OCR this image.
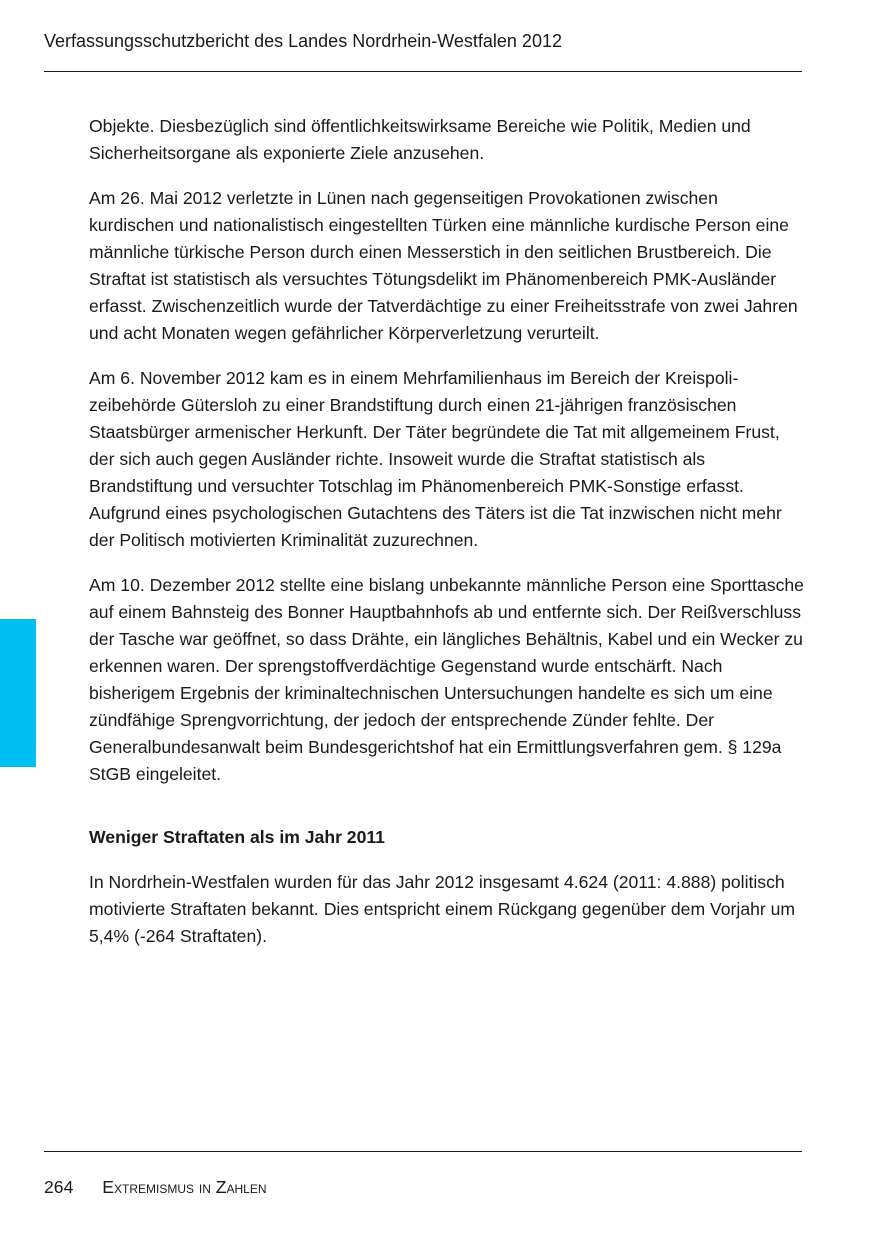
Verfassungsschutzbericht des Landes Nordrhein-Westfalen 2012

Objekte. Diesbezüglich sind öffentlichkeitswirksame Bereiche wie Politik, Medien und Sicherheitsorgane als exponierte Ziele anzusehen.

Am 26. Mai 2012 verletzte in Lünen nach gegenseitigen Provokationen zwischen kurdischen und nationalistisch eingestellten Türken eine männliche kurdische Person eine männliche türkische Person durch einen Messerstich in den seitlichen Brustbereich. Die Straftat ist statistisch als versuchtes Tötungsdelikt im Phänomenbereich PMK-Ausländer erfasst. Zwischenzeitlich wurde der Tatverdächtige zu einer Freiheitsstrafe von zwei Jahren und acht Monaten wegen gefährlicher Körperverletzung verurteilt.

Am 6. November 2012 kam es in einem Mehrfamilienhaus im Bereich der Kreispolizeibehörde Gütersloh zu einer Brandstiftung durch einen 21-jährigen französischen Staatsbürger armenischer Herkunft. Der Täter begründete die Tat mit allgemeinem Frust, der sich auch gegen Ausländer richte. Insoweit wurde die Straftat statistisch als Brandstiftung und versuchter Totschlag im Phänomenbereich PMK-Sonstige erfasst. Aufgrund eines psychologischen Gutachtens des Täters ist die Tat inzwischen nicht mehr der Politisch motivierten Kriminalität zuzurechnen.

Am 10. Dezember 2012 stellte eine bislang unbekannte männliche Person eine Sporttasche auf einem Bahnsteig des Bonner Hauptbahnhofs ab und entfernte sich. Der Reißverschluss der Tasche war geöffnet, so dass Drähte, ein längliches Behältnis, Kabel und ein Wecker zu erkennen waren. Der sprengstoffverdächtige Gegenstand wurde entschärft. Nach bisherigem Ergebnis der kriminaltechnischen Untersuchungen handelte es sich um eine zündfähige Sprengvorrichtung, der jedoch der entsprechende Zünder fehlte. Der Generalbundesanwalt beim Bundesgerichtshof hat ein Ermittlungsverfahren gem. § 129a StGB eingeleitet.

Weniger Straftaten als im Jahr 2011

In Nordrhein-Westfalen wurden für das Jahr 2012 insgesamt 4.624 (2011: 4.888) politisch motivierte Straftaten bekannt. Dies entspricht einem Rückgang gegenüber dem Vorjahr um 5,4% (-264 Straftaten).

264 Extremismus in Zahlen
